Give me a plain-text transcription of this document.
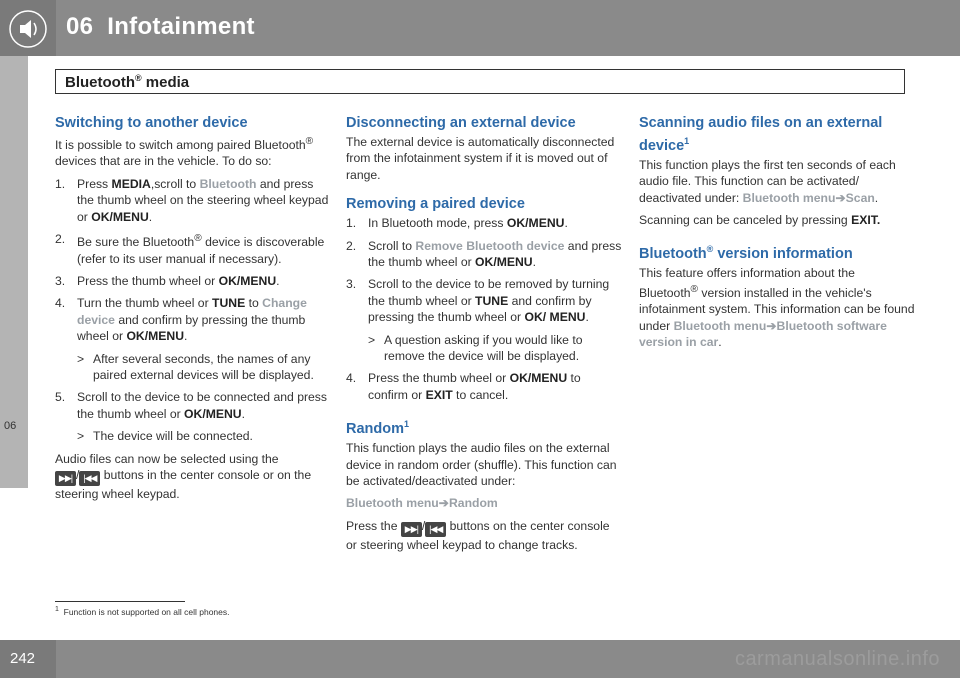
06 Infotainment
06
Bluetooth® media
Switching to another device

It is possible to switch among paired Bluetooth® devices that are in the vehicle. To do so:

1. Press MEDIA,scroll to Bluetooth and press the thumb wheel on the steering wheel keypad or OK/MENU.
2. Be sure the Bluetooth® device is discoverable (refer to its user manual if necessary).
3. Press the thumb wheel or OK/MENU.
4. Turn the thumb wheel or TUNE to Change device and confirm by pressing the thumb wheel or OK/MENU.
> After several seconds, the names of any paired external devices will be displayed.
5. Scroll to the device to be connected and press the thumb wheel or OK/MENU.
> The device will be connected.

Audio files can now be selected using the
▶▶| / |◀◀ buttons in the center console or on the steering wheel keypad.

Disconnecting an external device

The external device is automatically disconnected from the infotainment system if it is moved out of range.

Removing a paired device
1. In Bluetooth mode, press OK/MENU.
2. Scroll to Remove Bluetooth device and press the thumb wheel or OK/MENU.
3. Scroll to the device to be removed by turning the thumb wheel or TUNE and confirm by pressing the thumb wheel or OK/ MENU.
> A question asking if you would like to remove the device will be displayed.
4. Press the thumb wheel or OK/MENU to confirm or EXIT to cancel.
Random$^1$

This function plays the audio files on the external device in random order (shuffle). This function can be activated/deactivated under:

Bluetooth menu➔Random

Press the ▶▶| / |◀◀ buttons on the center console or steering wheel keypad to change tracks.

Scanning audio files on an external device$^1$

This function plays the first ten seconds of each audio file. This function can be activated/ deactivated under: Bluetooth menu➔Scan.

Scanning can be canceled by pressing EXIT.

Bluetooth® version information

This feature offers information about the Bluetooth® version installed in the vehicle's infotainment system. This information can be found under Bluetooth menu➔Bluetooth software version in car.

$^1$ Function is not supported on all cell phones.
242	carmanualsonline.info
